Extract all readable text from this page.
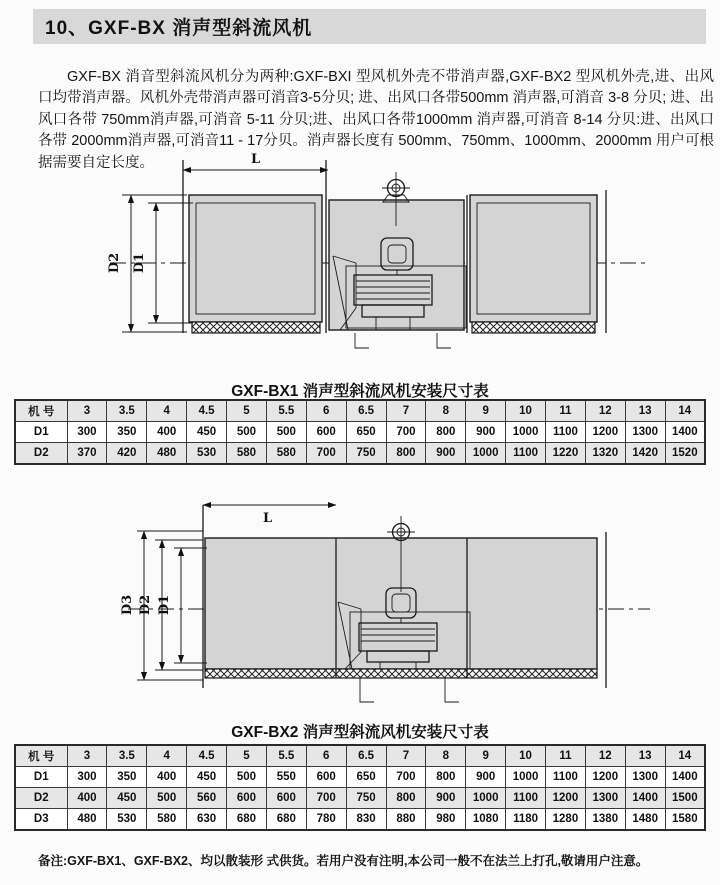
10、GXF-BX 消声型斜流风机

GXF-BX 消音型斜流风机分为两种:GXF-BXI 型风机外壳不带消声器,GXF-BX2 型风机外壳,进、出风口均带消声器。风机外壳带消声器可消音3-5分贝; 进、出风口各带500mm 消声器,可消音 3-8 分贝; 进、出风口各带 750mm消声器,可消音 5-11 分贝;进、出风口各带1000mm 消声器,可消音 8-14 分贝:进、出风口各带 2000mm消声器,可消音11 - 17分贝。消声器长度有 500mm、750mm、1000mm、2000mm 用户可根据需要自定长度。	L
D2 D1
GXF-BX1 消声型斜流风机安装尺寸表
机 号	3	3.5	4	4.5	5	5.5	6	6.5	7	8	9	10	11	12	13	14
D1	300	350	400	450	500	500	600	650	700	800	900	1000	1100	1200	1300	1400
D2	370	420	480	530	580	580	700	750	800	900	1000	1100	1220	1320	1420	1520
L
D3 D2 D1
GXF-BX2 消声型斜流风机安装尺寸表
机 号	3	3.5	4	4.5	5	5.5	6	6.5	7	8	9	10	11	12	13	14
D1	300	350	400	450	500	550	600	650	700	800	900	1000	1100	1200	1300	1400
D2	400	450	500	560	600	600	700	750	800	900	1000	1100	1200	1300	1400	1500
D3	480	530	580	630	680	680	780	830	880	980	1080	1180	1280	1380	1480	1580
备注:GXF-BX1、GXF-BX2、均以散装形 式供货。若用户没有注明,本公司一般不在法兰上打孔,敬请用户注意。
